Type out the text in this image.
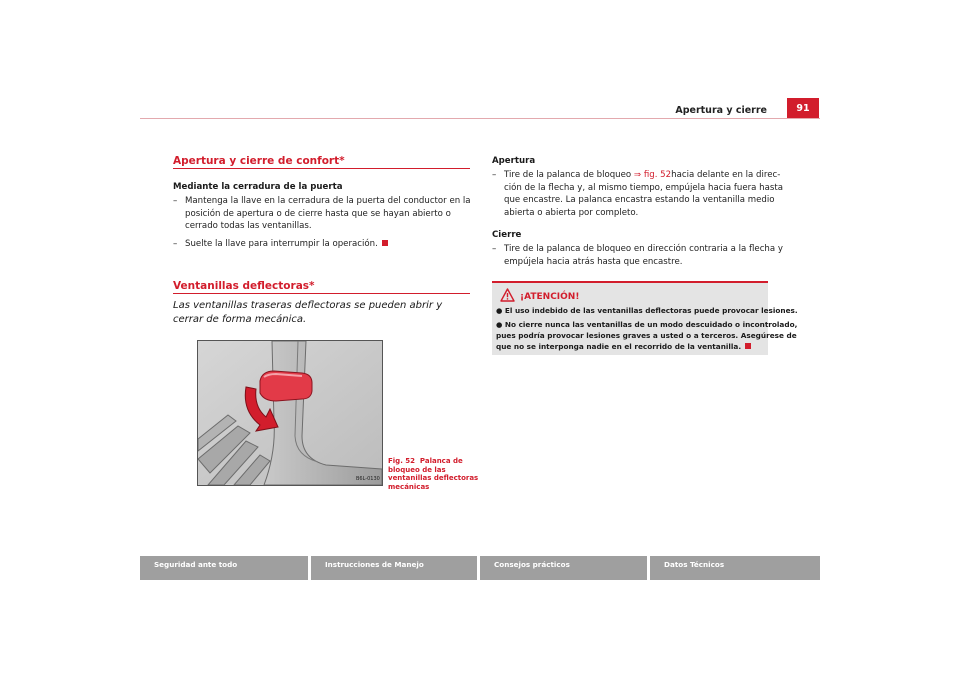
Apertura y cierre	91
Apertura y cierre de confort*
Mediante la cerradura de la puerta
– Mantenga la llave en la cerradura de la puerta del conductor en la posición de apertura o de cierre hasta que se hayan abierto o cerrado todas las ventanillas.
– Suelte la llave para interrumpir la operación.
Ventanillas deflectoras*
Las ventanillas traseras deflectoras se pueden abrir y cerrar de forma mecánica.
B6L-0130
Fig. 52 Palanca de bloqueo de las ventanillas deflectoras mecánicas
Apertura
– Tire de la palanca de bloqueo ⇒ fig. 52hacia delante en la direc-
ción de la flecha y, al mismo tiempo, empújela hacia fuera hasta
que encastre. La palanca encastra estando la ventanilla medio
abierta o abierta por completo.
Cierre
– Tire de la palanca de bloqueo en dirección contraria a la flecha y
empújela hacia atrás hasta que encastre.
¡ATENCIÓN!
● El uso indebido de las ventanillas deflectoras puede provocar lesiones.
● No cierre nunca las ventanillas de un modo descuidado o incontrolado,
pues podría provocar lesiones graves a usted o a terceros. Asegúrese de
que no se interponga nadie en el recorrido de la ventanilla.
Seguridad ante todo	Instrucciones de Manejo	Consejos prácticos	Datos Técnicos
